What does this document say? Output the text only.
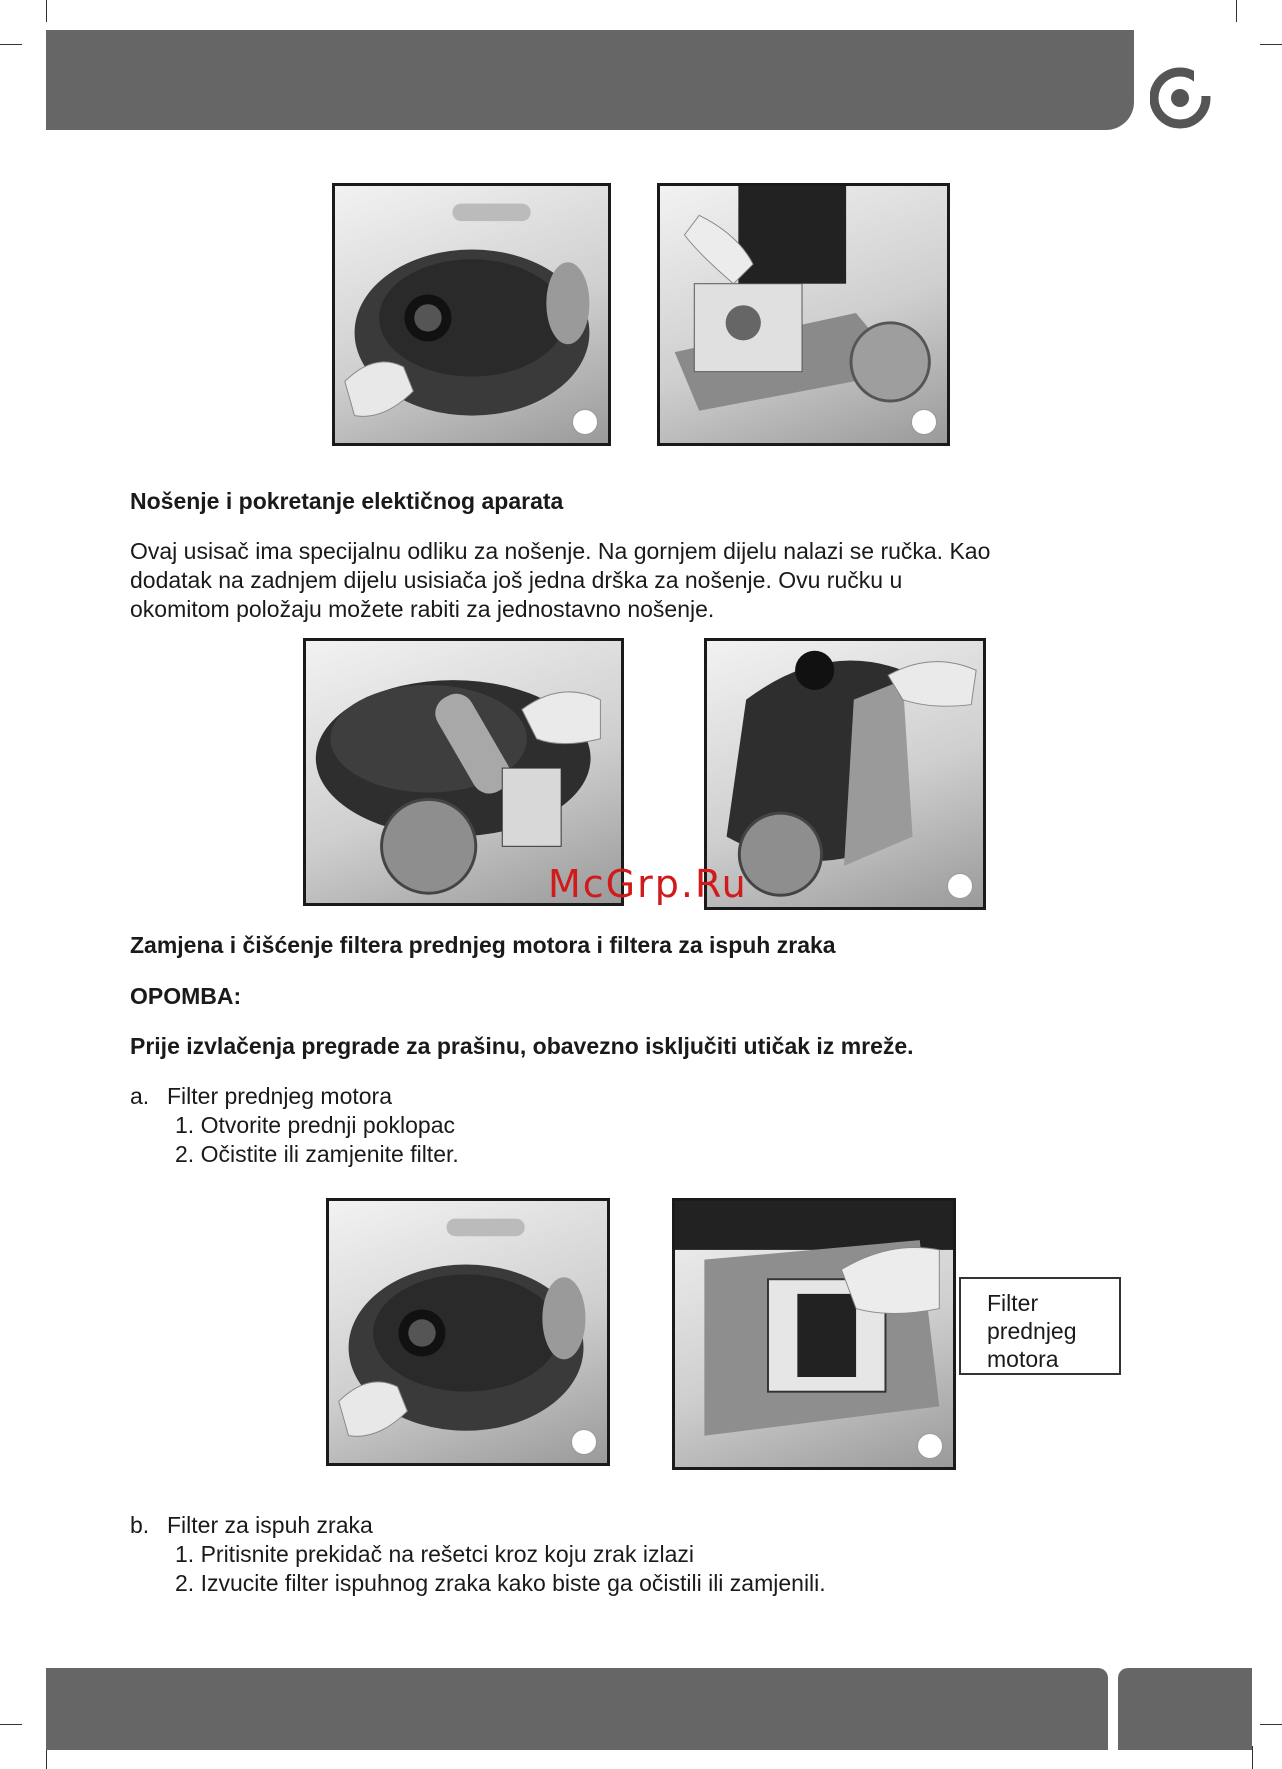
Nošenje i pokretanje elektičnog aparata
Ovaj usisač ima specijalnu odliku za nošenje. Na gornjem dijelu nalazi se ručka. Kao
dodatak na zadnjem dijelu usisiača još jedna drška za nošenje. Ovu ručku u
okomitom položaju možete rabiti za jednostavno nošenje.
McGrp.Ru
Zamjena i čišćenje filtera prednjeg motora i filtera za ispuh zraka
OPOMBA:
Prije izvlačenja pregrade za prašinu, obavezno isključiti utičak iz mreže.
a. Filter prednjeg motora
1. Otvorite prednji poklopac
2. Očistite ili zamjenite filter.
Filter
prednjeg
motora
b. Filter za ispuh zraka
1. Pritisnite prekidač na rešetci kroz koju zrak izlazi
2. Izvucite filter ispuhnog zraka kako biste ga očistili ili zamjenili.
